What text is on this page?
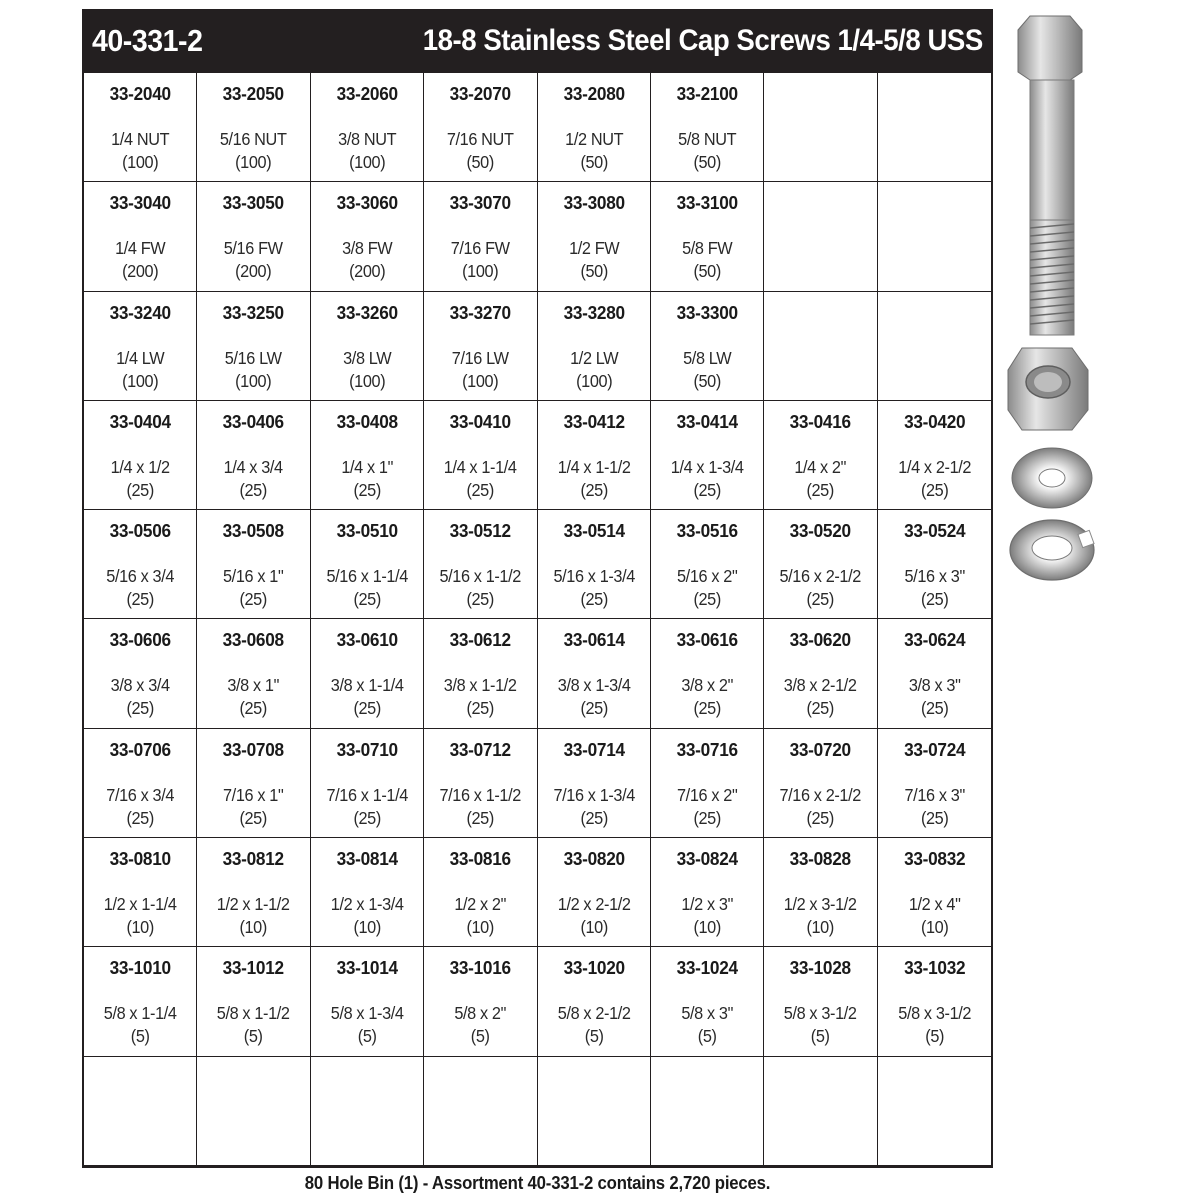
40-331-2	18-8 Stainless Steel Cap Screws 1/4-5/8 USS
33-2040
1/4 NUT
(100)
33-2050
5/16 NUT
(100)
33-2060
3/8 NUT
(100)
33-2070
7/16 NUT
(50)
33-2080
1/2 NUT
(50)
33-2100
5/8 NUT
(50)
33-3040
1/4 FW
(200)
33-3050
5/16 FW
(200)
33-3060
3/8 FW
(200)
33-3070
7/16 FW
(100)
33-3080
1/2 FW
(50)
33-3100
5/8 FW
(50)
33-3240
1/4 LW
(100)
33-3250
5/16 LW
(100)
33-3260
3/8 LW
(100)
33-3270
7/16 LW
(100)
33-3280
1/2 LW
(100)
33-3300
5/8 LW
(50)
33-0404
1/4 x 1/2
(25)
33-0406
1/4 x 3/4
(25)
33-0408
1/4 x 1"
(25)
33-0410
1/4 x 1-1/4
(25)
33-0412
1/4 x 1-1/2
(25)
33-0414
1/4 x 1-3/4
(25)
33-0416
1/4 x 2"
(25)
33-0420
1/4 x 2-1/2
(25)
33-0506
5/16 x 3/4
(25)
33-0508
5/16 x 1"
(25)
33-0510
5/16 x 1-1/4
(25)
33-0512
5/16 x 1-1/2
(25)
33-0514
5/16 x 1-3/4
(25)
33-0516
5/16 x 2"
(25)
33-0520
5/16 x 2-1/2
(25)
33-0524
5/16 x 3"
(25)
33-0606
3/8 x 3/4
(25)
33-0608
3/8 x 1"
(25)
33-0610
3/8 x 1-1/4
(25)
33-0612
3/8 x 1-1/2
(25)
33-0614
3/8 x 1-3/4
(25)
33-0616
3/8 x 2"
(25)
33-0620
3/8 x 2-1/2
(25)
33-0624
3/8 x 3"
(25)
33-0706
7/16 x 3/4
(25)
33-0708
7/16 x 1"
(25)
33-0710
7/16 x 1-1/4
(25)
33-0712
7/16 x 1-1/2
(25)
33-0714
7/16 x 1-3/4
(25)
33-0716
7/16 x 2"
(25)
33-0720
7/16 x 2-1/2
(25)
33-0724
7/16 x 3"
(25)
33-0810
1/2 x 1-1/4
(10)
33-0812
1/2 x 1-1/2
(10)
33-0814
1/2 x 1-3/4
(10)
33-0816
1/2 x 2"
(10)
33-0820
1/2 x 2-1/2
(10)
33-0824
1/2 x 3"
(10)
33-0828
1/2 x 3-1/2
(10)
33-0832
1/2 x 4"
(10)
33-1010
5/8 x 1-1/4
(5)
33-1012
5/8 x 1-1/2
(5)
33-1014
5/8 x 1-3/4
(5)
33-1016
5/8 x 2"
(5)
33-1020
5/8 x 2-1/2
(5)
33-1024
5/8 x 3"
(5)
33-1028
5/8 x 3-1/2
(5)
33-1032
5/8 x 3-1/2
(5)
80 Hole Bin (1) - Assortment 40-331-2 contains 2,720 pieces.
